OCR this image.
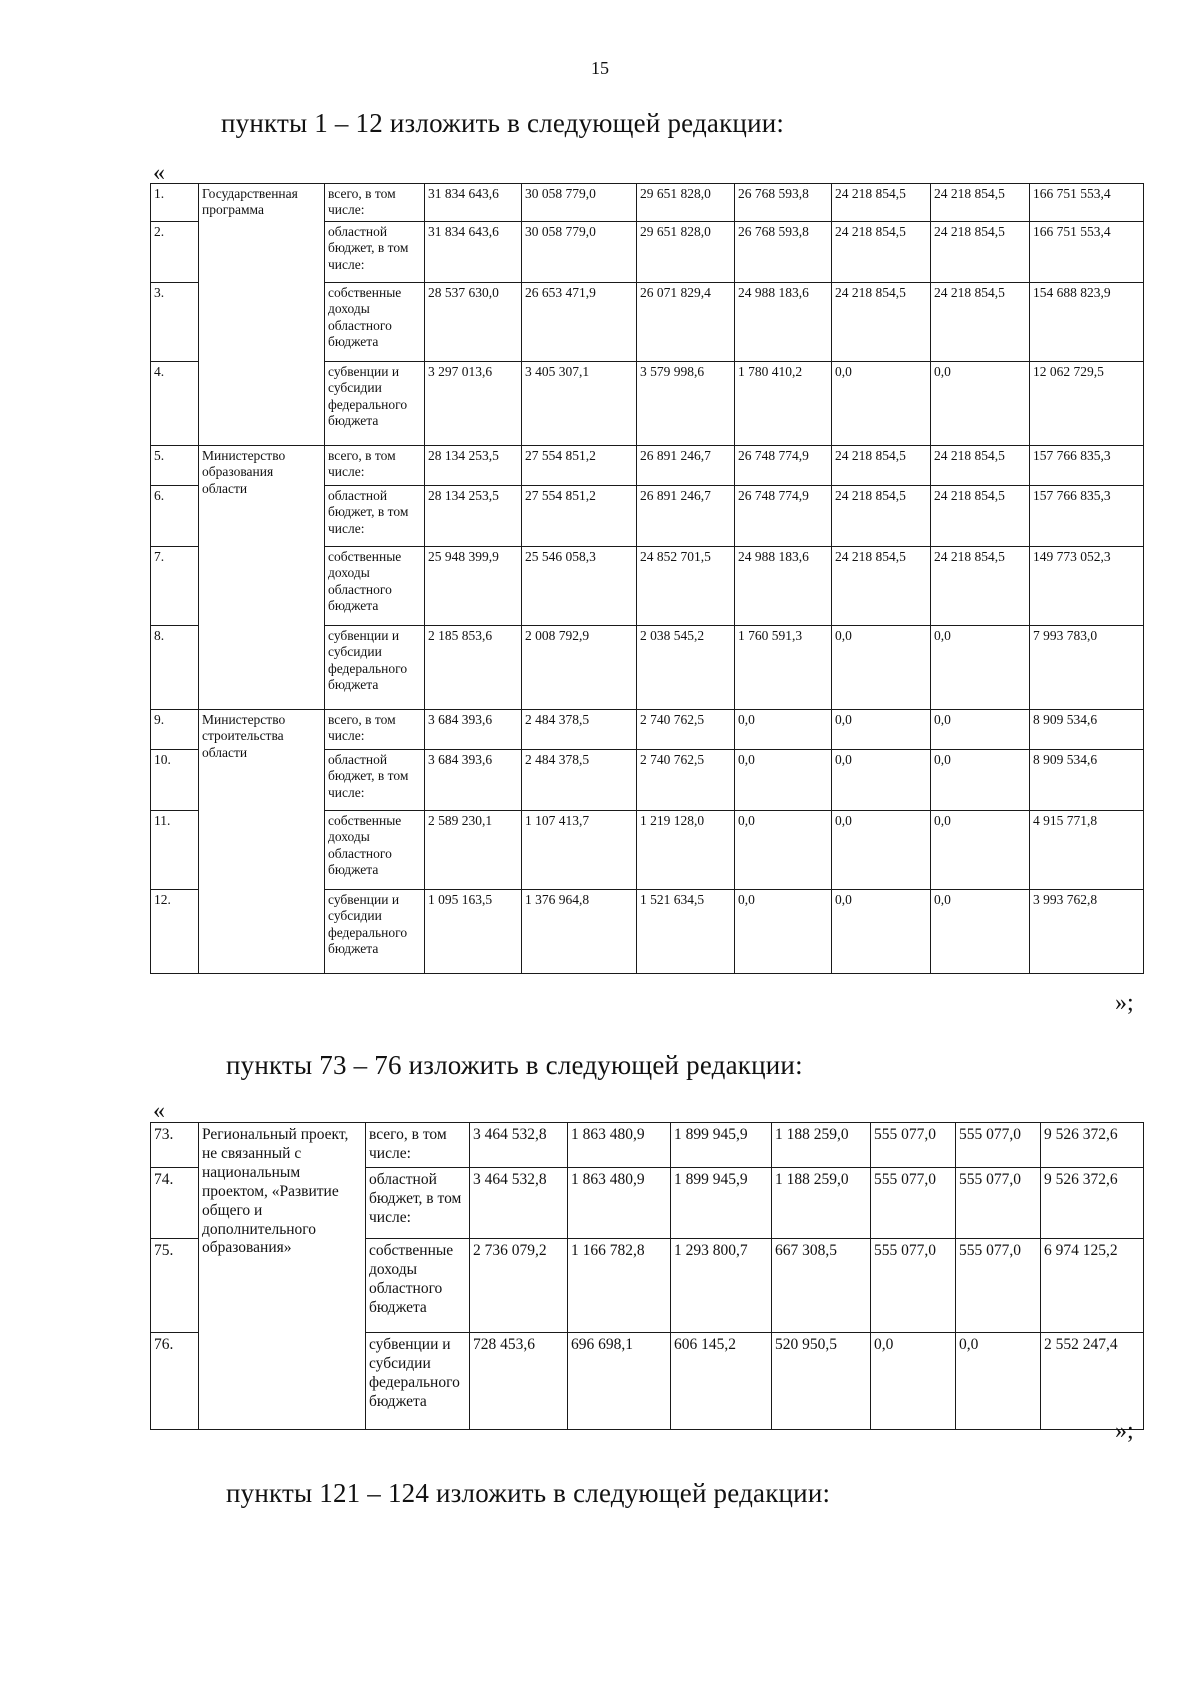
15
пункты 1 – 12 изложить в следующей редакции:
«
1.	Государственная программа	всего, в том числе:	31 834 643,6	30 058 779,0	29 651 828,0	26 768 593,8	24 218 854,5	24 218 854,5	166 751 553,4
2.		областной бюджет, в том числе:	31 834 643,6	30 058 779,0	29 651 828,0	26 768 593,8	24 218 854,5	24 218 854,5	166 751 553,4
3.		собственные доходы областного бюджета	28 537 630,0	26 653 471,9	26 071 829,4	24 988 183,6	24 218 854,5	24 218 854,5	154 688 823,9
4.		субвенции и субсидии федерального бюджета	3 297 013,6	3 405 307,1	3 579 998,6	1 780 410,2	0,0	0,0	12 062 729,5
5.	Министерство образования области	всего, в том числе:	28 134 253,5	27 554 851,2	26 891 246,7	26 748 774,9	24 218 854,5	24 218 854,5	157 766 835,3
6.		областной бюджет, в том числе:	28 134 253,5	27 554 851,2	26 891 246,7	26 748 774,9	24 218 854,5	24 218 854,5	157 766 835,3
7.		собственные доходы областного бюджета	25 948 399,9	25 546 058,3	24 852 701,5	24 988 183,6	24 218 854,5	24 218 854,5	149 773 052,3
8.		субвенции и субсидии федерального бюджета	2 185 853,6	2 008 792,9	2 038 545,2	1 760 591,3	0,0	0,0	7 993 783,0
9.	Министерство строительства области	всего, в том числе:	3 684 393,6	2 484 378,5	2 740 762,5	0,0	0,0	0,0	8 909 534,6
10.		областной бюджет, в том числе:	3 684 393,6	2 484 378,5	2 740 762,5	0,0	0,0	0,0	8 909 534,6
11.		собственные доходы областного бюджета	2 589 230,1	1 107 413,7	1 219 128,0	0,0	0,0	0,0	4 915 771,8
12.		субвенции и субсидии федерального бюджета	1 095 163,5	1 376 964,8	1 521 634,5	0,0	0,0	0,0	3 993 762,8
»;
пункты 73 – 76 изложить в следующей редакции:
«
73.	Региональный проект, не связанный с национальным проектом, «Развитие общего и дополнительного образования»	всего, в том числе:	3 464 532,8	1 863 480,9	1 899 945,9	1 188 259,0	555 077,0	555 077,0	9 526 372,6
74.		областной бюджет, в том числе:	3 464 532,8	1 863 480,9	1 899 945,9	1 188 259,0	555 077,0	555 077,0	9 526 372,6
75.		собственные доходы областного бюджета	2 736 079,2	1 166 782,8	1 293 800,7	667 308,5	555 077,0	555 077,0	6 974 125,2
76.		субвенции и субсидии федерального бюджета	728 453,6	696 698,1	606 145,2	520 950,5	0,0	0,0	2 552 247,4
»;
пункты 121 – 124 изложить в следующей редакции:
